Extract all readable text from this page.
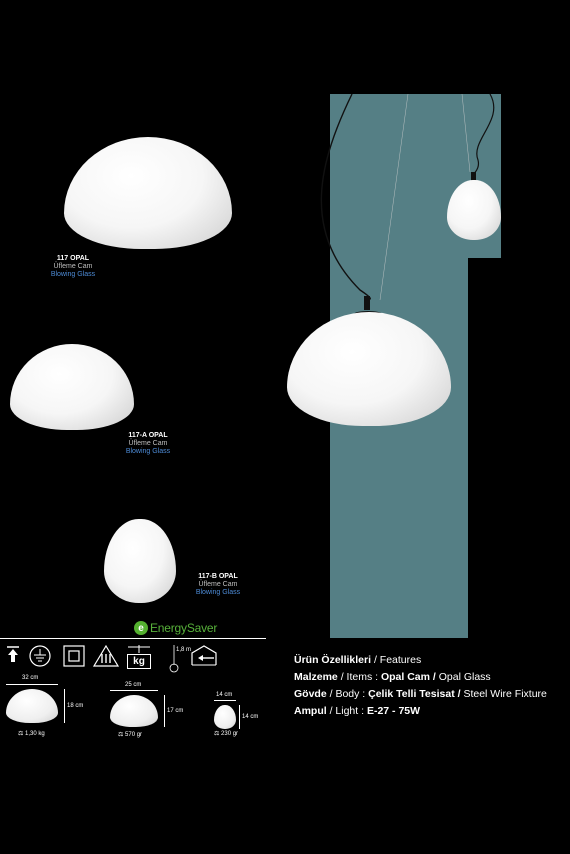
117 OPAL
Üfleme Cam
Blowing Glass
117-A OPAL
Üfleme Cam
Blowing Glass
117-B OPAL
Üfleme Cam
Blowing Glass
e EnergySaver
kg
1,8 m
32 cm
18 cm
⚖ 1,30 kg
25 cm
17 cm
⚖ 570 gr
14 cm
14 cm
⚖ 230 gr
Ürün Özellikleri / Features
Malzeme / Items : Opal Cam / Opal Glass
Gövde / Body : Çelik Telli Tesisat / Steel Wire Fixture
Ampul / Light : E-27 - 75W
